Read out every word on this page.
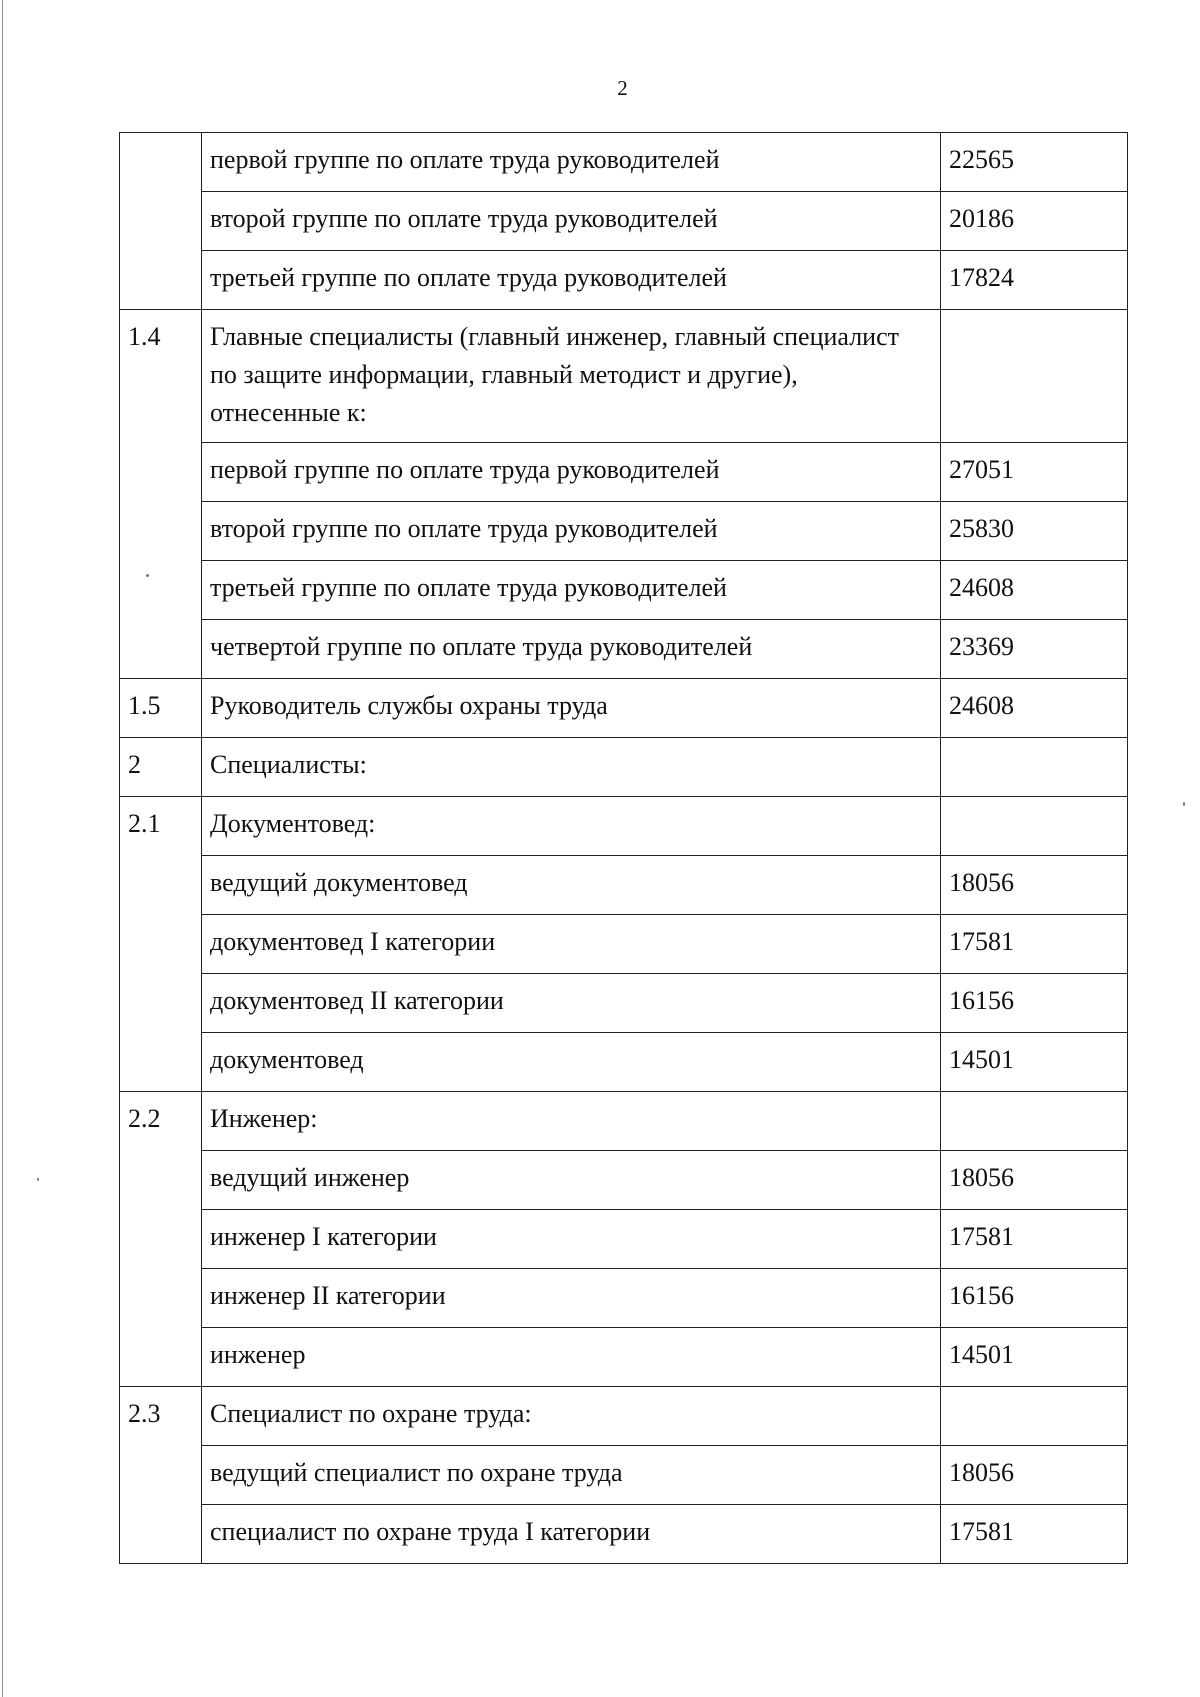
2
	первой группе по оплате труда руководителей	22565
	второй группе по оплате труда руководителей	20186
	третьей группе по оплате труда руководителей	17824
1.4	Главные специалисты (главный инженер, главный специалист по защите информации, главный методист и другие), отнесенные к:	
	первой группе по оплате труда руководителей	27051
	второй группе по оплате труда руководителей	25830
	третьей группе по оплате труда руководителей	24608
	четвертой группе по оплате труда руководителей	23369
1.5	Руководитель службы охраны труда	24608
2	Специалисты:	
2.1	Документовед:	
	ведущий документовед	18056
	документовед I категории	17581
	документовед II категории	16156
	документовед	14501
2.2	Инженер:	
	ведущий инженер	18056
	инженер I категории	17581
	инженер II категории	16156
	инженер	14501
2.3	Специалист по охране труда:	
	ведущий специалист по охране труда	18056
	специалист по охране труда I категории	17581
